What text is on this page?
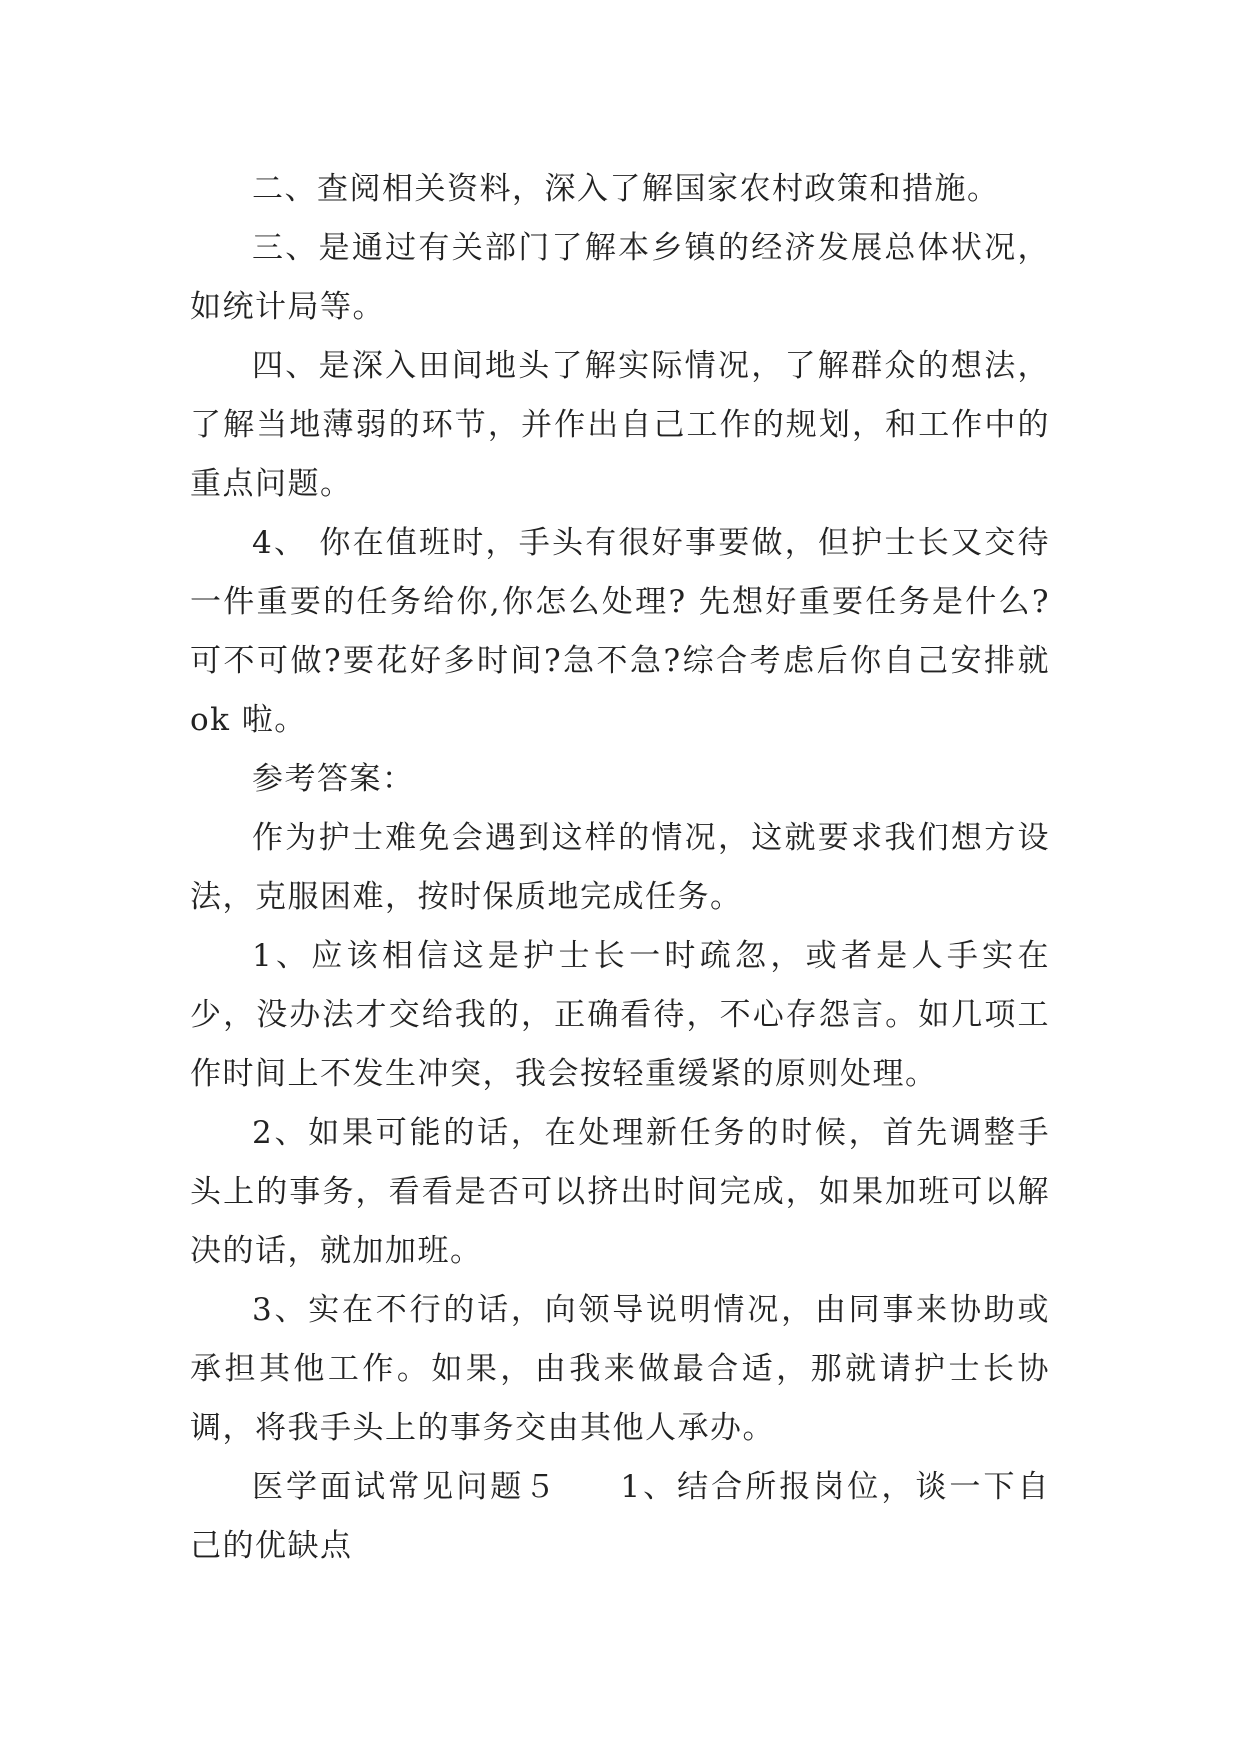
二、查阅相关资料，深入了解国家农村政策和措施。

三、是通过有关部门了解本乡镇的经济发展总体状况，如统计局等。

四、是深入田间地头了解实际情况，了解群众的想法，了解当地薄弱的环节，并作出自己工作的规划，和工作中的重点问题。

4、 你在值班时，手头有很好事要做，但护士长又交待一件重要的任务给你,你怎么处理? 先想好重要任务是什么?可不可做?要花好多时间?急不急?综合考虑后你自己安排就ok 啦。

参考答案：

作为护士难免会遇到这样的情况，这就要求我们想方设法，克服困难，按时保质地完成任务。

1、应该相信这是护士长一时疏忽，或者是人手实在少，没办法才交给我的，正确看待，不心存怨言。如几项工作时间上不发生冲突，我会按轻重缓紧的原则处理。

2、如果可能的话，在处理新任务的时候，首先调整手头上的事务，看看是否可以挤出时间完成，如果加班可以解决的话，就加加班。

3、实在不行的话，向领导说明情况，由同事来协助或承担其他工作。如果，由我来做最合适，那就请护士长协调，将我手头上的事务交由其他人承办。

医学面试常见问题５ 1、结合所报岗位，谈一下自己的优缺点
